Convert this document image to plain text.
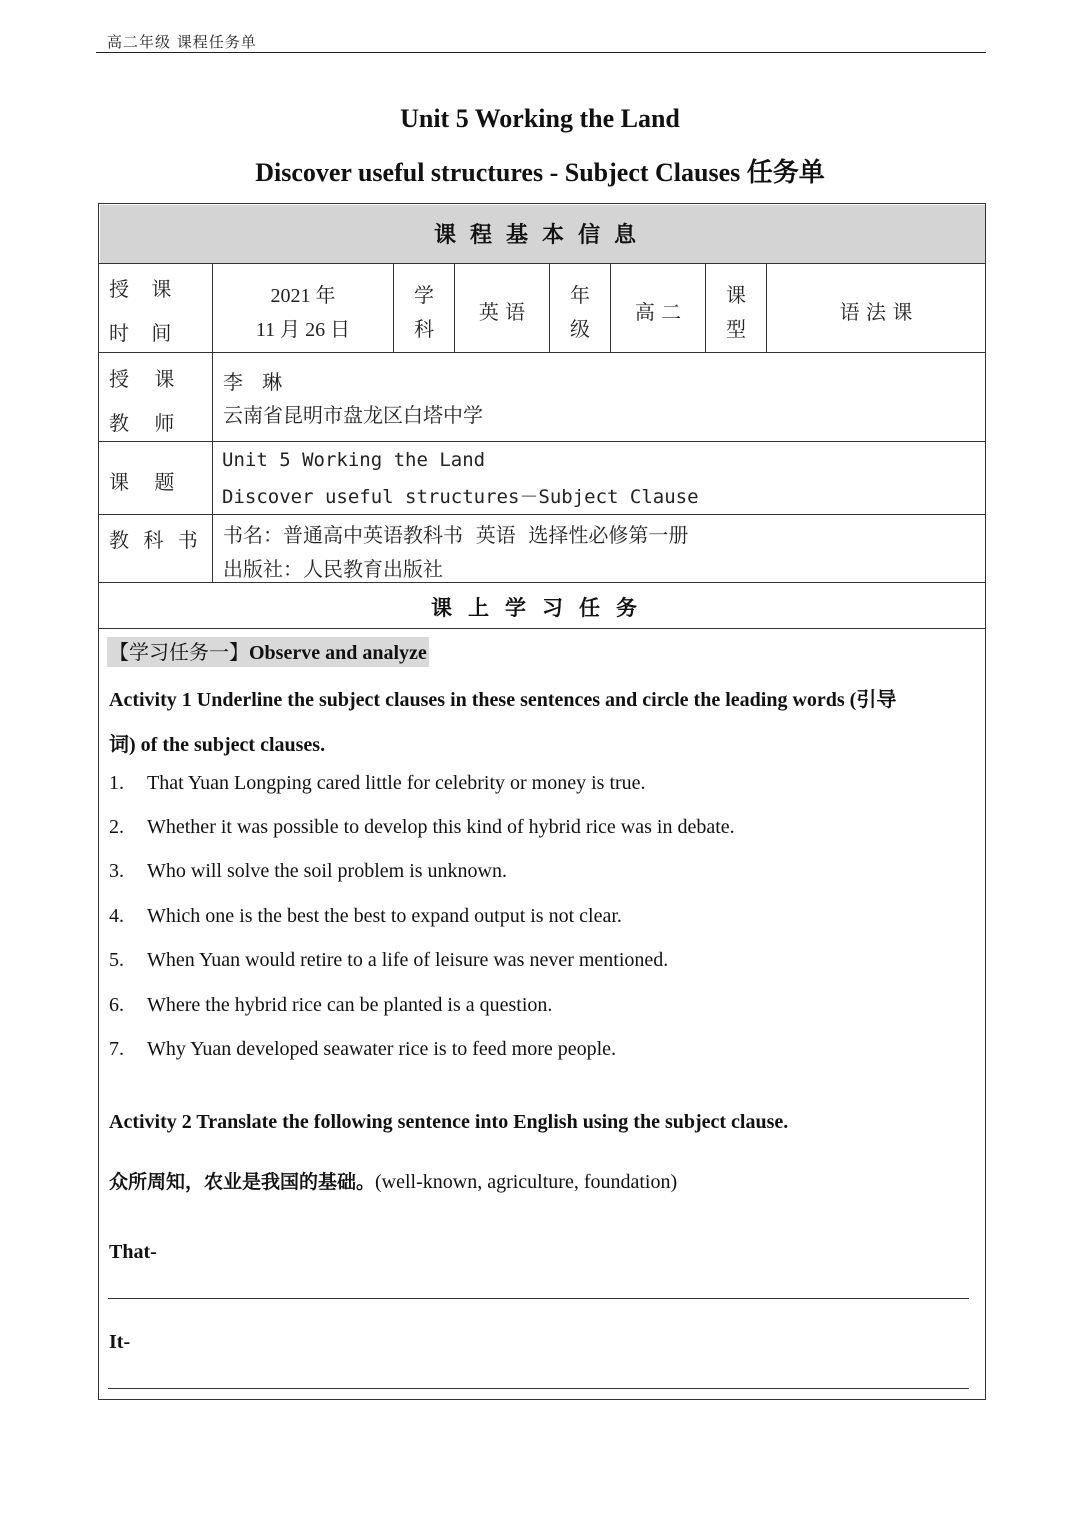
高二年级 课程任务单
Unit 5 Working the Land
Discover useful structures - Subject Clauses 任务单
课程基本信息
授 课
时 间
2021 年
11 月 26 日
学
科
英 语
年
级
高 二
课
型
语 法 课
授    课
教    师
李   琳
云南省昆明市盘龙区白塔中学
课    题
Unit 5 Working the Land
Discover useful structures－Subject Clause
教 科 书 书名：普通高中英语教科书  英语  选择性必修第一册
出版社：人民教育出版社
课上学习任务
【学习任务一】Observe and analyze
Activity 1 Underline the subject clauses in these sentences and circle the leading words (引导
词) of the subject clauses.
1. That Yuan Longping cared little for celebrity or money is true.
2. Whether it was possible to develop this kind of hybrid rice was in debate.
3. Who will solve the soil problem is unknown.
4. Which one is the best the best to expand output is not clear.
5. When Yuan would retire to a life of leisure was never mentioned.
6. Where the hybrid rice can be planted is a question.
7. Why Yuan developed seawater rice is to feed more people.
Activity 2 Translate the following sentence into English using the subject clause.
众所周知，农业是我国的基础。(well-known, agriculture, foundation)
That-
It-
